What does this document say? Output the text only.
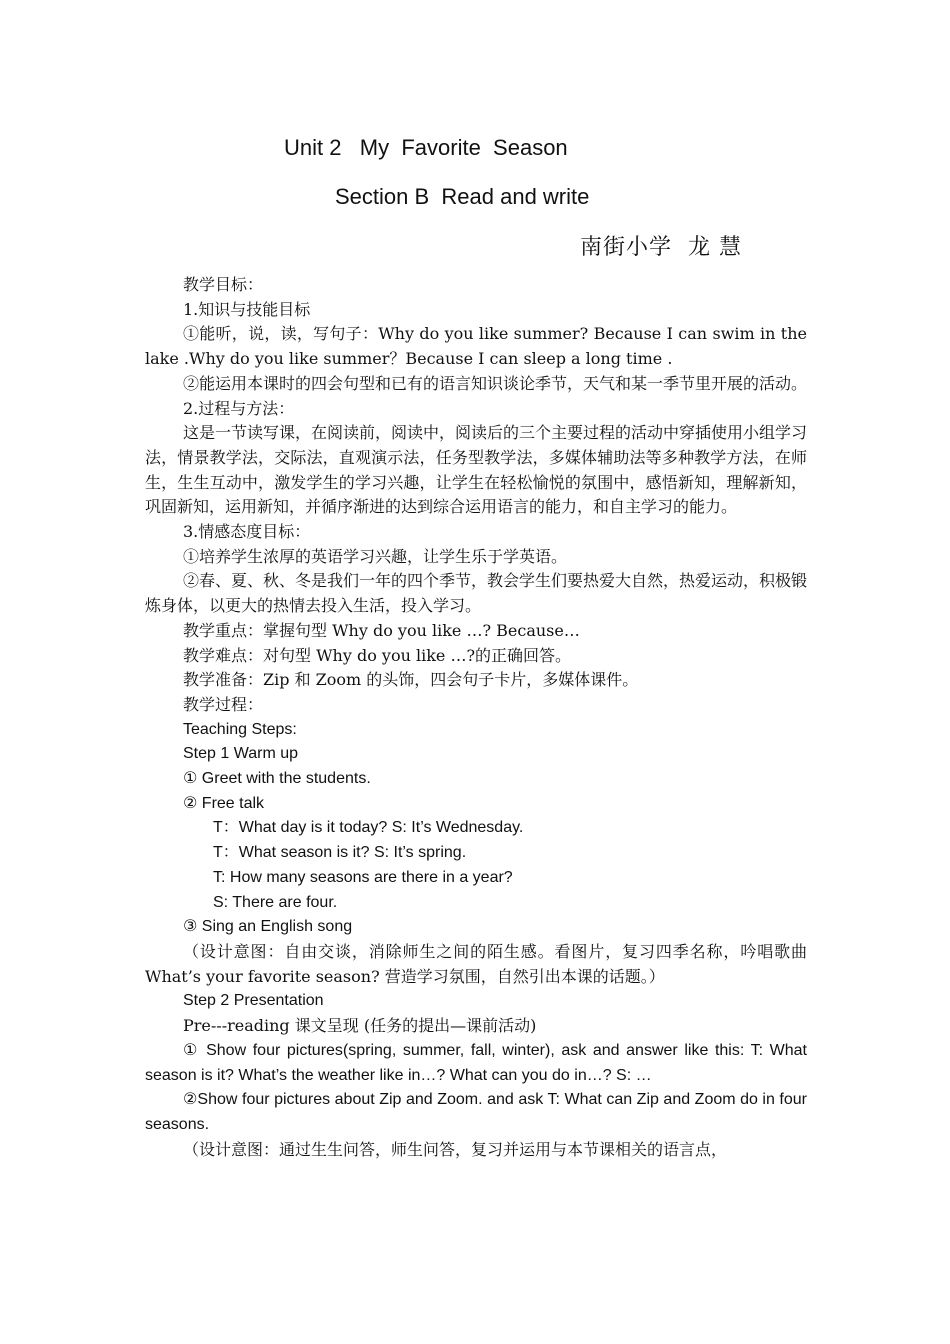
Unit 2   My  Favorite  Season
Section B  Read and write
南街小学  龙 慧

教学目标：

1.知识与技能目标

①能听，说，读，写句子：Why do you like summer? Because I can swim in the lake .Why do you like summer？Because I can sleep a long time .

②能运用本课时的四会句型和已有的语言知识谈论季节，天气和某一季节里开展的活动。

2.过程与方法：

这是一节读写课，在阅读前，阅读中，阅读后的三个主要过程的活动中穿插使用小组学习法，情景教学法，交际法，直观演示法，任务型教学法，多媒体辅助法等多种教学方法，在师生，生生互动中，激发学生的学习兴趣，让学生在轻松愉悦的氛围中，感悟新知，理解新知，巩固新知，运用新知，并循序渐进的达到综合运用语言的能力，和自主学习的能力。

3.情感态度目标：

①培养学生浓厚的英语学习兴趣，让学生乐于学英语。

②春、夏、秋、冬是我们一年的四个季节，教会学生们要热爱大自然，热爱运动，积极锻炼身体，以更大的热情去投入生活，投入学习。

教学重点：掌握句型 Why do you like …? Because…

教学难点：对句型 Why do you like …?的正确回答。

教学准备：Zip 和 Zoom 的头饰，四会句子卡片，多媒体课件。

教学过程：

Teaching Steps:

Step 1 Warm up

① Greet with the students.

② Free talk

T：What day is it today? S: It’s Wednesday.

T：What season is it? S: It’s spring.

T: How many seasons are there in a year?

S: There are four.

③ Sing an English song

（设计意图：自由交谈，消除师生之间的陌生感。看图片，复习四季名称，吟唱歌曲 What’s your favorite season? 营造学习氛围，自然引出本课的话题。）

Step 2 Presentation

Pre---reading 课文呈现 (任务的提出—课前活动)

① Show four pictures(spring, summer, fall, winter), ask and answer like this: T: What season is it? What’s the weather like in…? What can you do in…? S: …

②Show four pictures about Zip and Zoom. and ask T: What can Zip and Zoom do in four seasons.

（设计意图：通过生生问答，师生问答，复习并运用与本节课相关的语言点，
